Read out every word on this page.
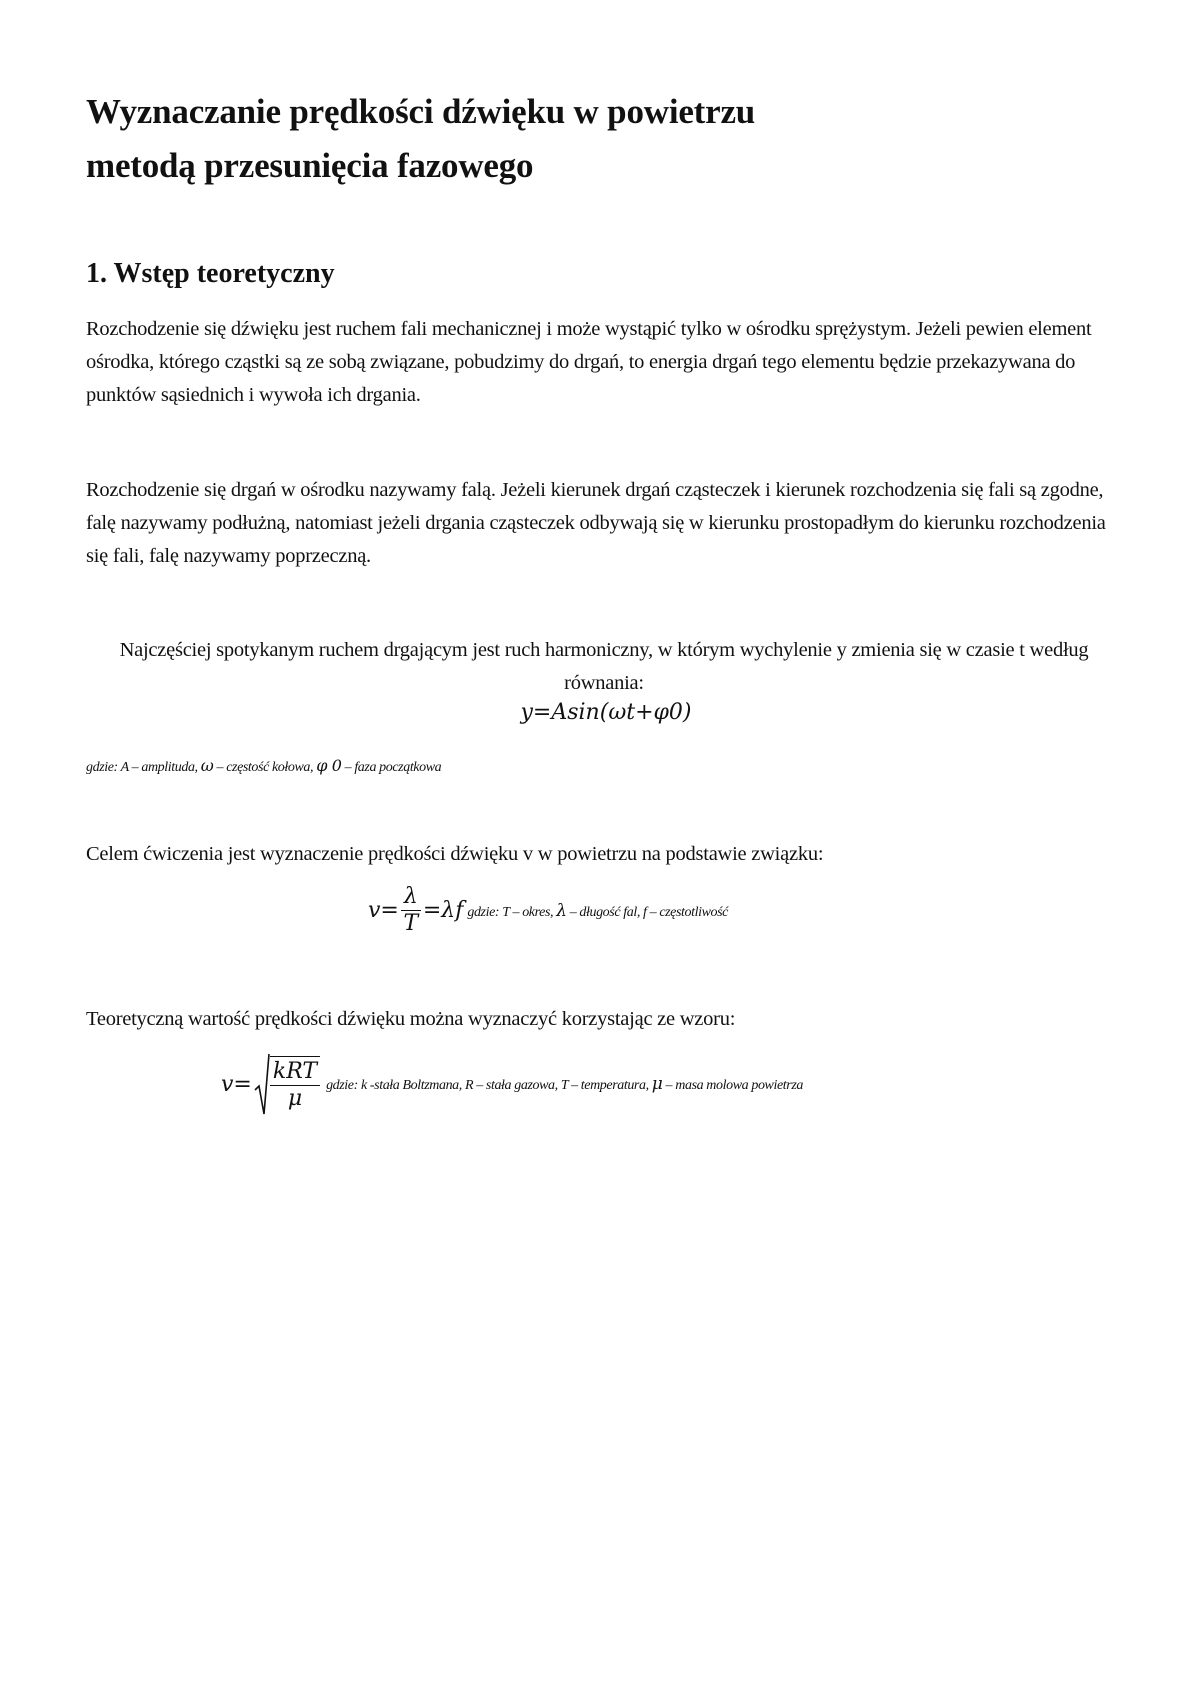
Wyznaczanie prędkości dźwięku w powietrzu
metodą przesunięcia fazowego
1. Wstęp teoretyczny

Rozchodzenie się dźwięku jest ruchem fali mechanicznej i może wystąpić tylko w ośrodku sprężystym. Jeżeli pewien element ośrodka, którego cząstki są ze sobą związane, pobudzimy do drgań, to energia drgań tego elementu będzie przekazywana do punktów sąsiednich i wywoła ich drgania.

Rozchodzenie się drgań w ośrodku nazywamy falą. Jeżeli kierunek drgań cząsteczek i kierunek rozchodzenia się fali są zgodne, falę nazywamy podłużną, natomiast jeżeli drgania cząsteczek odbywają się w kierunku prostopadłym do kierunku rozchodzenia się fali, falę nazywamy poprzeczną.

Najczęściej spotykanym ruchem drgającym jest ruch harmoniczny, w którym wychylenie y zmienia się w czasie t według równania:

y=Asin(ωt+φ0)
gdzie: A – amplituda, ω – częstość kołowa, φ 0 – faza początkowa

Celem ćwiczenia jest wyznaczenie prędkości dźwięku v w powietrzu na podstawie związku:

$v= \frac{\lambda}{T} =\lambda f$ gdzie: T – okres, λ – długość fal, f – częstotliwość

Teoretyczną wartość prędkości dźwięku można wyznaczyć korzystając ze wzoru:

$v= \frac{\text{kRT}}{\mu}$ gdzie: k -stała Boltzmana, R – stała gazowa, T – temperatura, μ – masa molowa powietrza
